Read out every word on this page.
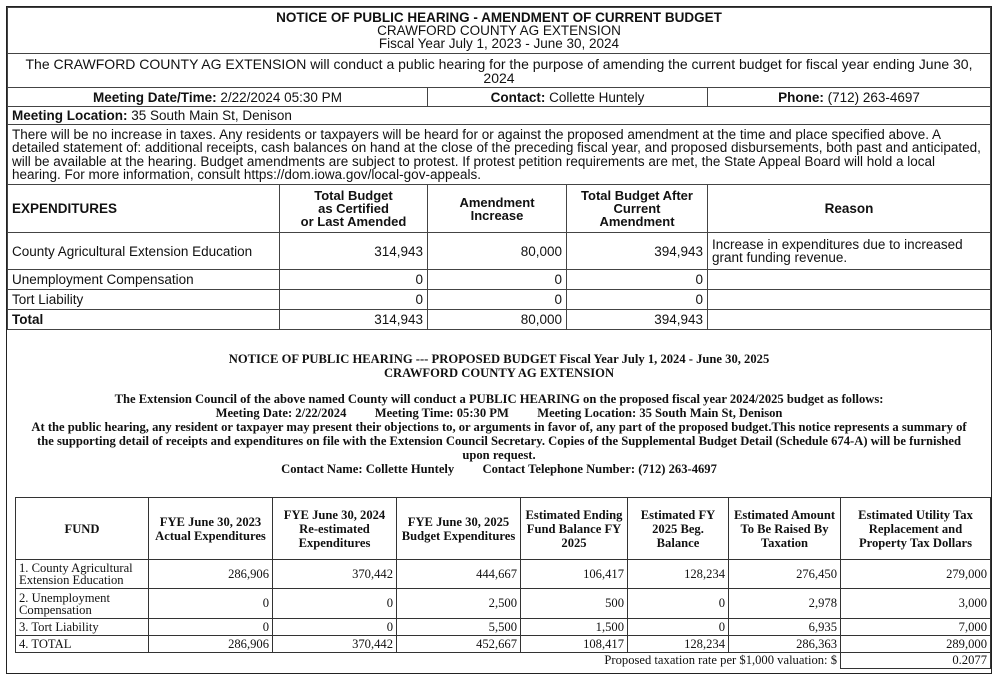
NOTICE OF PUBLIC HEARING - AMENDMENT OF CURRENT BUDGET
CRAWFORD COUNTY AG EXTENSION
Fiscal Year July 1, 2023 - June 30, 2024				

The CRAWFORD COUNTY AG EXTENSION will conduct a public hearing for the purpose of amending the current budget for fiscal year ending June 30, 2024				
Meeting Date/Time: 2/22/2024 05:30 PM		Contact: Collette Huntely		Phone: (712) 263-4697
Meeting Location: 35 South Main St, Denison				
There will be no increase in taxes. Any residents or taxpayers will be heard for or against the proposed amendment at the time and place specified above. A detailed statement of: additional receipts, cash balances on hand at the close of the preceding fiscal year, and proposed disbursements, both past and anticipated, will be available at the hearing. Budget amendments are subject to protest. If protest petition requirements are met, the State Appeal Board will hold a local hearing. For more information, consult https://dom.iowa.gov/local-gov-appeals.				
EXPENDITURES	Total Budget
as Certified
or Last Amended	Amendment
Increase	Total Budget After
Current
Amendment	Reason
County Agricultural Extension Education	314,943	80,000	394,943	Increase in expenditures due to increased grant funding revenue.
Unemployment Compensation	0	0	0	
Tort Liability	0	0	0	
Total	314,943	80,000	394,943	
NOTICE OF PUBLIC HEARING --- PROPOSED BUDGET Fiscal Year July 1, 2024 - June 30, 2025
CRAWFORD COUNTY AG EXTENSION
The Extension Council of the above named County will conduct a PUBLIC HEARING on the proposed fiscal year 2024/2025 budget as follows:
Meeting Date: 2/22/2024 Meeting Time: 05:30 PM Meeting Location: 35 South Main St, Denison
At the public hearing, any resident or taxpayer may present their objections to, or arguments in favor of, any part of the proposed budget.This notice represents a summary of the supporting detail of receipts and expenditures on file with the Extension Council Secretary. Copies of the Supplemental Budget Detail (Schedule 674-A) will be furnished upon request.
Contact Name: Collette Huntely Contact Telephone Number: (712) 263-4697
FUND	FYE June 30, 2023 Actual Expenditures	FYE June 30, 2024 Re-estimated Expenditures	FYE June 30, 2025 Budget Expenditures	Estimated Ending Fund Balance FY 2025	Estimated FY 2025 Beg. Balance	Estimated Amount To Be Raised By Taxation	Estimated Utility Tax Replacement and Property Tax Dollars
1. County Agricultural Extension Education	286,906	370,442	444,667	106,417	128,234	276,450	279,000
2. Unemployment Compensation	0	0	2,500	500	0	2,978	3,000
3. Tort Liability	0	0	5,500	1,500	0	6,935	7,000
4. TOTAL	286,906	370,442	452,667	108,417	128,234	286,363	289,000
Proposed taxation rate per $1,000 valuation: $							0.2077
